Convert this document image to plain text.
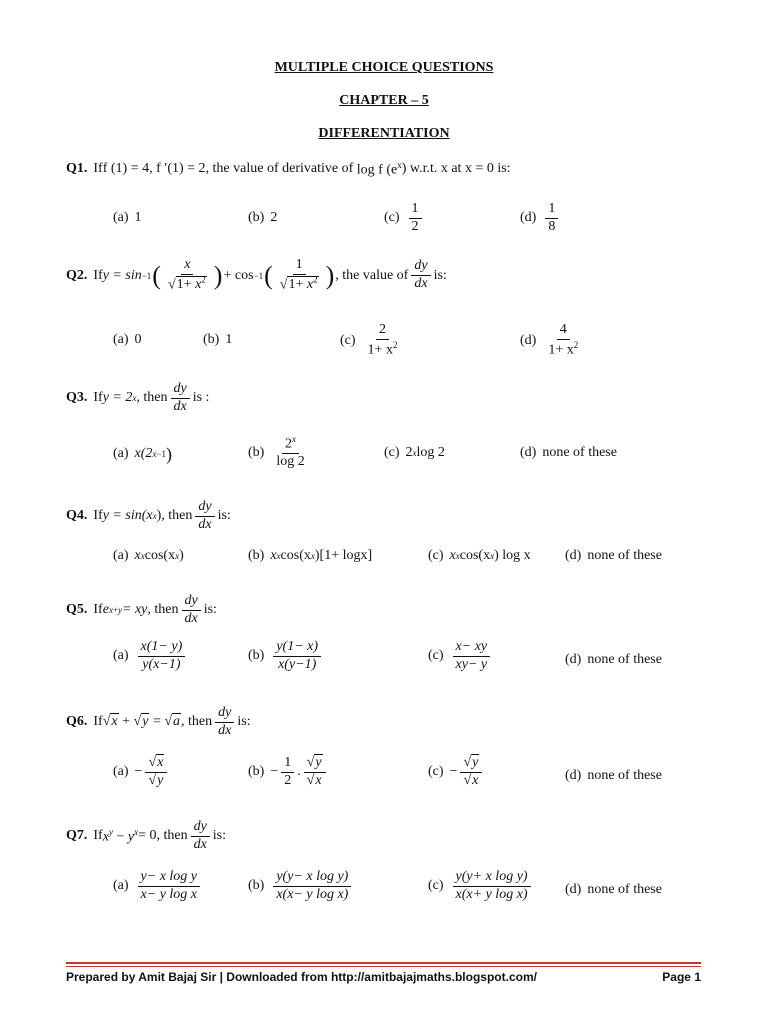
MULTIPLE CHOICE QUESTIONS
CHAPTER – 5
DIFFERENTIATION
Q1. If f (1) = 4, f ′(1) = 2 , the value of derivative of log f ($e^x$ ) w.r.t. x at x = 0 is:
(a) 1	(b) 2	$(c) \frac{1}{2}$	$(d) \frac{1}{8}$
Q2. If y = sin −1 ( $\frac{x}{√1+ x^2}$ ) + cos −1 ( $\frac{1}{√1+ x^2}$ ) , the value of $\frac{dy}{dx}$ is:
(a) 0	(b) 1	$(c) \frac{2}{1+ x^2}$	$(d) \frac{4}{1+ x^2}$
Q3. If y = 2 x , then $\frac{dy}{dx}$ is :
(a) x(2 x−1 )	$(b) \frac{2^x}{\log 2}$	(c) 2 x log 2	(d) none of these
Q4. If y = sin(x x ), then $\frac{dy}{dx}$ is:
(a) x x cos(x x )	(b) x x cos(x x )[1+ logx]	(c) x x cos(x x ) log x (d) none of these
Q5. If e x+y = xy , then $\frac{dy}{dx}$ is:
$(a) \frac{x(1- y)}{y(x-1)}$	$(b) \frac{y(1- x)}{x(y-1)}$	$(c) \frac{x- xy}{xy- y}$	(d) none of these
Q6. If √x + √y = √a , then $\frac{dy}{dx}$ is:
$(a) - \frac{√x}{√y}$	$(b) - \frac{1}{2}$ . $\frac{√y}{√x}$	$(c) - \frac{√y}{√x}$	(d) none of these
Q7. If $x^y - y^x = 0$ , then $\frac{dy}{dx}$ is:
$(a) \frac{\text{y− x log y}}{\text{x− y log x}}$	$(b) \frac{\text{y(y− x log y)}}{\text{x(x− y log x)}}$	$(c) \frac{\text{y(y+ x log y)}}{\text{x(x+ y log x)}} (d)$ none of these
Prepared by Amit Bajaj Sir | Downloaded from http://amitbajajmaths.blogspot.com/	Page 1
